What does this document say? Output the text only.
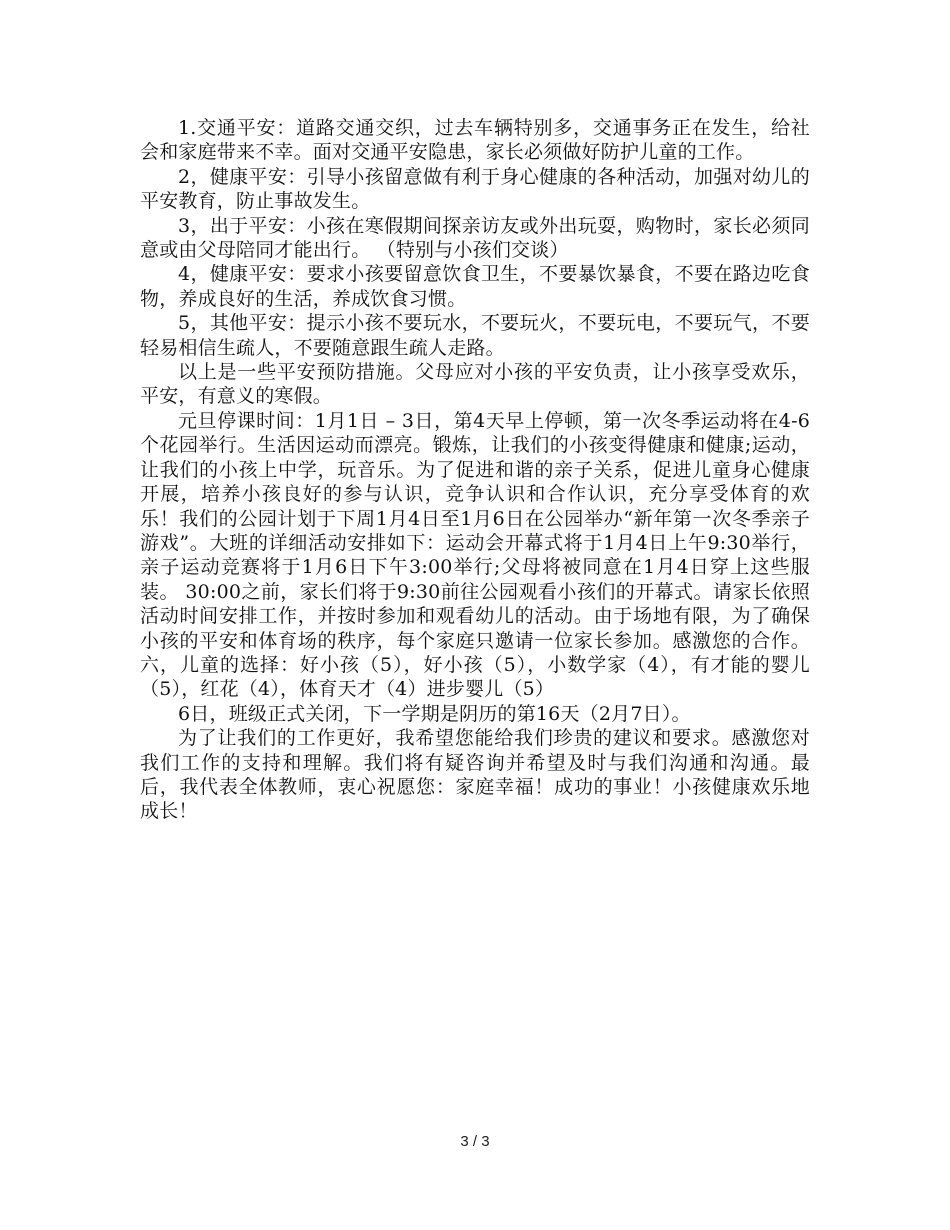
1.交通平安：道路交通交织，过去车辆特别多，交通事务正在发生，给社会和家庭带来不幸。面对交通平安隐患，家长必须做好防护儿童的工作。

2，健康平安：引导小孩留意做有利于身心健康的各种活动，加强对幼儿的平安教育，防止事故发生。

3，出于平安：小孩在寒假期间探亲访友或外出玩耍，购物时，家长必须同意或由父母陪同才能出行。 （特别与小孩们交谈）

4，健康平安：要求小孩要留意饮食卫生，不要暴饮暴食，不要在路边吃食物，养成良好的生活，养成饮食习惯。

5，其他平安：提示小孩不要玩水，不要玩火，不要玩电，不要玩气，不要轻易相信生疏人，不要随意跟生疏人走路。

以上是一些平安预防措施。父母应对小孩的平安负责，让小孩享受欢乐，平安，有意义的寒假。

元旦停课时间：1月1日 – 3日，第4天早上停顿，第一次冬季运动将在4-6个花园举行。生活因运动而漂亮。锻炼，让我们的小孩变得健康和健康;运动，让我们的小孩上中学，玩音乐。为了促进和谐的亲子关系，促进儿童身心健康开展，培养小孩良好的参与认识，竞争认识和合作认识，充分享受体育的欢乐！我们的公园计划于下周1月4日至1月6日在公园举办“新年第一次冬季亲子游戏”。大班的详细活动安排如下：运动会开幕式将于1月4日上午9:30举行，亲子运动竞赛将于1月6日下午3:00举行;父母将被同意在1月4日穿上这些服装。 30:00之前，家长们将于9:30前往公园观看小孩们的开幕式。请家长依照活动时间安排工作，并按时参加和观看幼儿的活动。由于场地有限，为了确保小孩的平安和体育场的秩序，每个家庭只邀请一位家长参加。感激您的合作。六，儿童的选择：好小孩（5），好小孩（5），小数学家（4），有才能的婴儿（5），红花（4），体育天才（4）进步婴儿（5）

6日，班级正式关闭，下一学期是阴历的第16天（2月7日）。

为了让我们的工作更好，我希望您能给我们珍贵的建议和要求。感激您对我们工作的支持和理解。我们将有疑咨询并希望及时与我们沟通和沟通。最后，我代表全体教师，衷心祝愿您：家庭幸福！成功的事业！小孩健康欢乐地成长！

3 / 3
